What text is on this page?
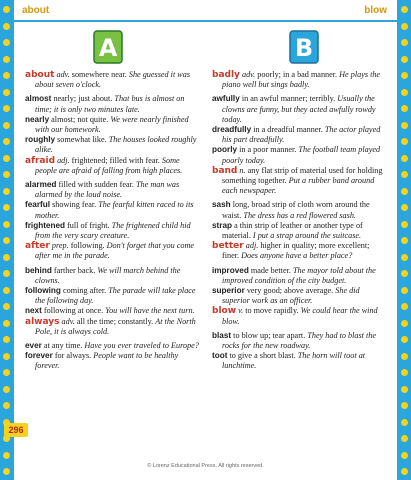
about	blow
A	B
about adv. somewhere near. She guessed it was about seven o'clock.
almost nearly; just about. That bus is almost on time; it is only two minutes late.
nearly almost; not quite. We were nearly finished with our homework.
roughly somewhat like. The houses looked roughly alike.
afraid adj. frightened; filled with fear. Some people are afraid of falling from high places.
alarmed filled with sudden fear. The man was alarmed by the loud noise.
fearful showing fear. The fearful kitten raced to its mother.
frightened full of fright. The frightened child hid from the very scary creature.
after prep. following. Don't forget that you come after me in the parade.
behind farther back. We will march behind the clowns.
following coming after. The parade will take place the following day.
next following at once. You will have the next turn.
always adv. all the time; constantly. At the North Pole, it is always cold.
ever at any time. Have you ever traveled to Europe?
forever for always. People want to be healthy forever.
badly adv. poorly; in a bad manner. He plays the piano well but sings badly.
awfully in an awful manner; terribly. Usually the clowns are funny, but they acted awfully rowdy today.
dreadfully in a dreadful manner. The actor played his part dreadfully.
poorly in a poor manner. The football team played poorly today.
band n. any flat strip of material used for holding something together. Put a rubber band around each newspaper.
sash long, broad strip of cloth worn around the waist. The dress has a red flowered sash.
strap a thin strip of leather or another type of material. I put a strap around the suitcase.
better adj. higher in quality; more excellent; finer. Does anyone have a better place?
improved made better. The mayor told about the improved condition of the city budget.
superior very good; above average. She did superior work as an officer.
blow v. to move rapidly. We could hear the wind blow.
blast to blow up; tear apart. They had to blast the rocks for the new roadway.
toot to give a short blast. The horn will toot at lunchtime.
296
© Lorenz Educational Press. All rights reserved.
